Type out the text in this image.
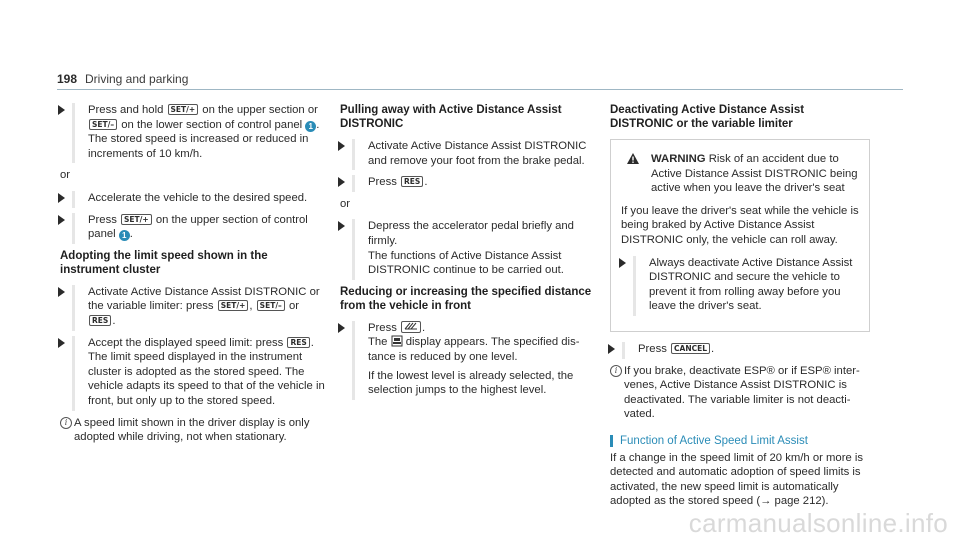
198 Driving and parking

Press and hold SET/+ on the upper section or SET/– on the lower section of control panel 1 .

The stored speed is increased or reduced in increments of 10 km/h.

or

Accelerate the vehicle to the desired speed.

Press SET/+ on the upper section of control panel 1 .

Adopting the limit speed shown in the instrument cluster

Activate Active Distance Assist DISTRONIC or the variable limiter: press SET/+ , SET/– or RES .

Accept the displayed speed limit: press RES .

The limit speed displayed in the instrument cluster is adopted as the stored speed. The vehicle adapts its speed to that of the vehicle in front, but only up to the stored speed.

i A speed limit shown in the driver display is only adopted while driving, not when stationary.
Pulling away with Active Distance Assist DISTRONIC

Activate Active Distance Assist DISTRONIC and remove your foot from the brake pedal.

Press RES .

or

Depress the accelerator pedal briefly and firmly.

The functions of Active Distance Assist DISTRONIC continue to be carried out.

Reducing or increasing the specified distance from the vehicle in front

Press .

The  display appears. The specified distance is reduced by one level.

If the lowest level is already selected, the selection jumps to the highest level.

Deactivating Active Distance Assist DISTRONIC or the variable limiter
WARNING Risk of an accident due to Active Distance Assist DISTRONIC being active when you leave the driver's seat

If you leave the driver's seat while the vehicle is being braked by Active Distance Assist DISTRONIC only, the vehicle can roll away.

Always deactivate Active Distance Assist DISTRONIC and secure the vehicle to prevent it from rolling away before you leave the driver's seat.

Press CANCEL .

i If you brake, deactivate ESP® or if ESP® intervenes, Active Distance Assist DISTRONIC is deactivated. The variable limiter is not deactivated.
Function of Active Speed Limit Assist

If a change in the speed limit of 20 km/h or more is detected and automatic adoption of speed limits is activated, the new speed limit is automatically adopted as the stored speed (→ page 212).

carmanualsonline.info
